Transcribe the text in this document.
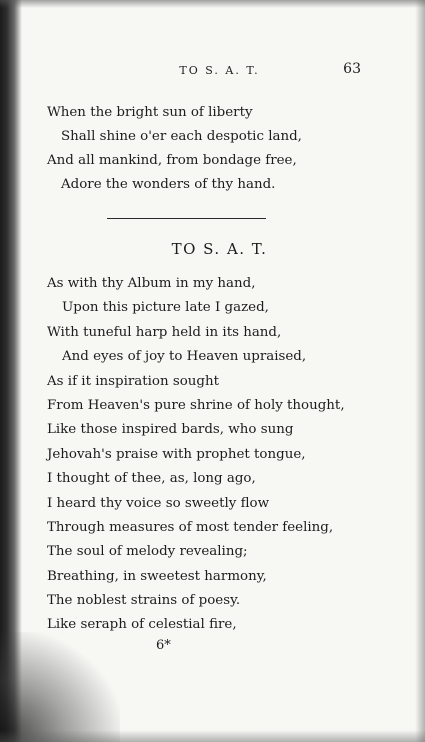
TO S. A. T.	63
When the bright sun of liberty
Shall shine o'er each despotic land,
And all mankind, from bondage free,
Adore the wonders of thy hand.
TO S. A. T.
As with thy Album in my hand,
Upon this picture late I gazed,
With tuneful harp held in its hand,
And eyes of joy to Heaven upraised,
As if it inspiration sought
From Heaven's pure shrine of holy thought,
Like those inspired bards, who sung
Jehovah's praise with prophet tongue,
I thought of thee, as, long ago,
I heard thy voice so sweetly flow
Through measures of most tender feeling,
The soul of melody revealing;
Breathing, in sweetest harmony,
The noblest strains of poesy.
Like seraph of celestial fire,
6*
